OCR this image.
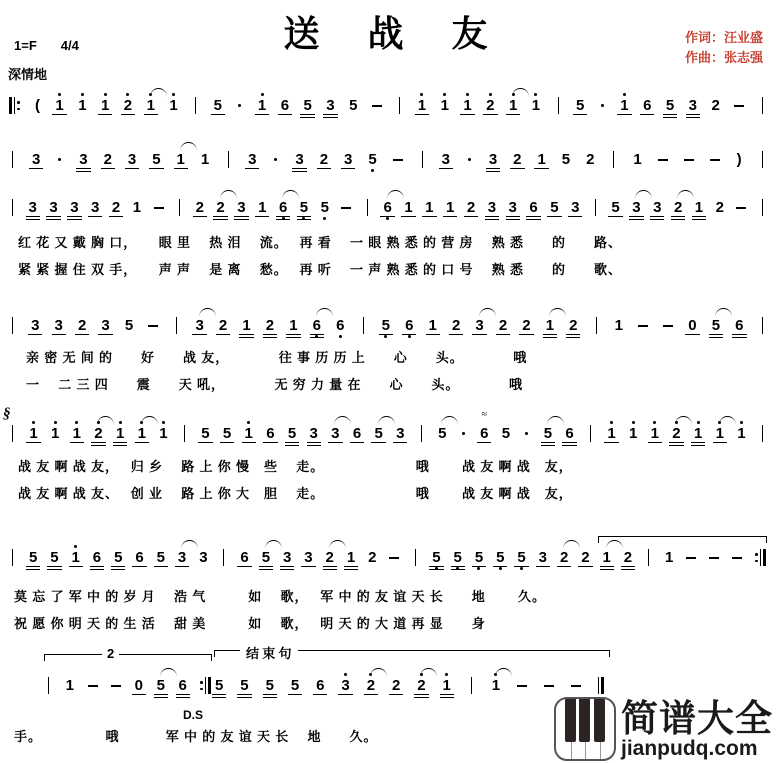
送　战　友	作词：汪业盛
作曲：张志强
1=F 4/4
深情地
( 1 1 1 2 1 1 5 1 6 5 3 5	1 1 1 2 1 1 5 1 6 5 3 2
3	3 2 3 5 1 1	3	3 2 3 5	3	3 2 1 5 2	1	)
3 3 3 3 2 1	2 2 3 1 6 5 5	6 1 1 1 2 3 3 6 5 3 5 3 3 2 1 2
3 3 2 3 5	3 2 1 2 1 6 6 5 6 1 2 3 2 2 1 2 1	0 5 6
1 1 1 2 1 1 1 5 5 1 6 5 3 3 6 5 3 5
≈
6 5 5 6 1 1 1 2 1 1 1
5 5 1 6 5 6 5 3 3 6 5 3 3 2 1 2	5 5 5 5 5 3 2 2 1 2 1
1	0 5 6 5 5 5 5 6 3 2 2 2 1	1
§
2	结 束 句
D.S
红 花 又 戴 胸 口，　　眼 里　 热 泪　 流。　 再 看　 一 眼 熟 悉 的 营 房　 熟 悉　　的　　路、
紧 紧 握 住 双 手，　　声 声　 是 离　 愁。　 再 听　 一 声 熟 悉 的 口 号　 熟 悉　　的　　歌、
亲 密 无 间 的　　好　　战 友，　　　　往 事 历 历 上　　心　　头。　　　　哦
一　 二 三 四　　震　　天 吼，　　　　无 穷 力 量 在　　心　　头。　　　　哦
战 友 啊 战 友，　 归 乡　 路 上 你 慢　些　 走。　　　　　　　哦　　 战 友 啊 战　友，
战 友 啊 战 友、　 创 业　 路 上 你 大　胆　 走。　　　　　　　哦　　 战 友 啊 战　友，
莫 忘 了 军 中 的 岁 月　 浩 气　　　如　 歌，　 军 中 的 友 谊 天 长　　地　　 久。
祝 愿 你 明 天 的 生 活　 甜 美　　　如　 歌，　 明 天 的 大 道 再 显　　身
手。　　　　　哦　　　 军 中 的 友 谊 天 长　 地　　久。	简谱大全
jianpudq.com
